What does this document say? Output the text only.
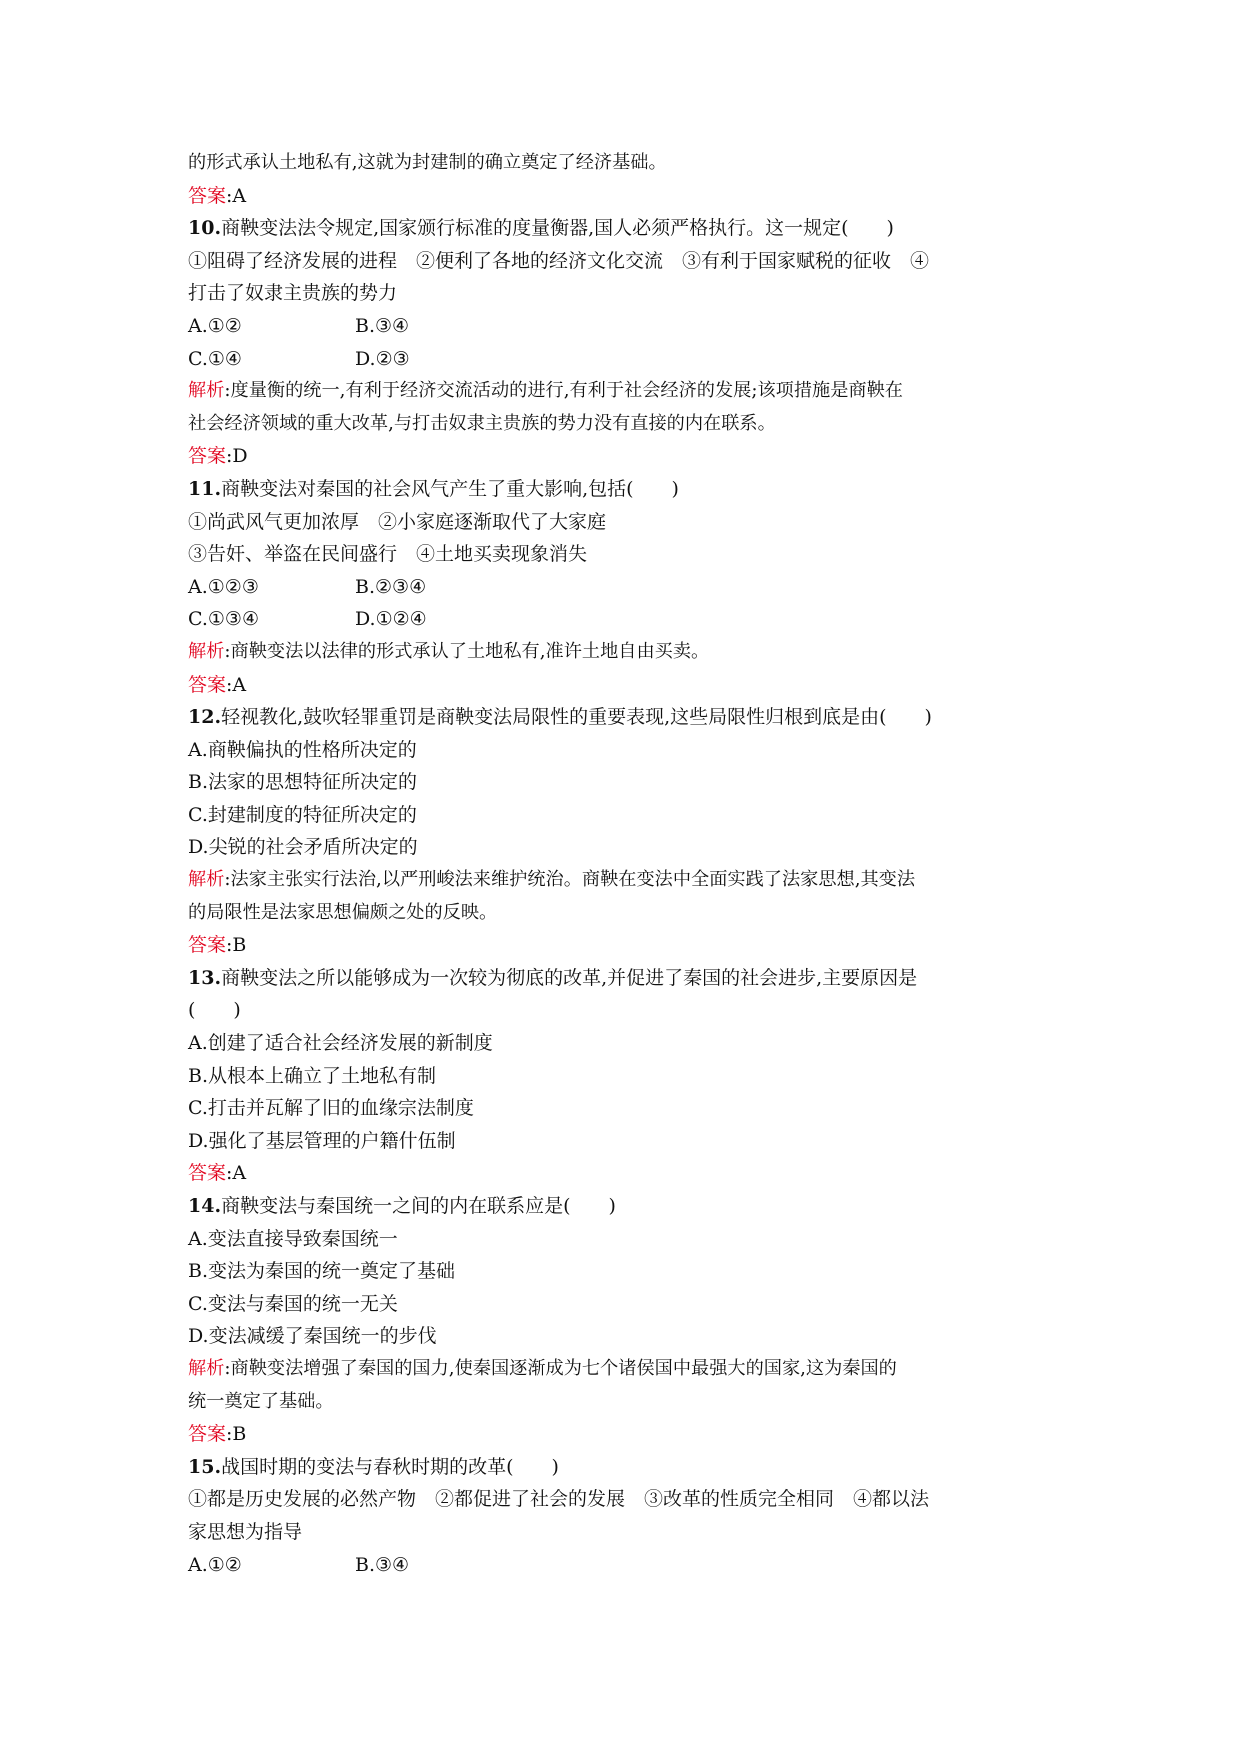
的形式承认土地私有,这就为封建制的确立奠定了经济基础。
答案:A
10.商鞅变法法令规定,国家颁行标准的度量衡器,国人必须严格执行。这一规定(　　)
①阻碍了经济发展的进程　②便利了各地的经济文化交流　③有利于国家赋税的征收　④
打击了奴隶主贵族的势力
A.①②	B.③④
C.①④	D.②③
解析:度量衡的统一,有利于经济交流活动的进行,有利于社会经济的发展;该项措施是商鞅在
社会经济领域的重大改革,与打击奴隶主贵族的势力没有直接的内在联系。
答案:D
11.商鞅变法对秦国的社会风气产生了重大影响,包括(　　)
①尚武风气更加浓厚　②小家庭逐渐取代了大家庭
③告奸、举盗在民间盛行　④土地买卖现象消失
A.①②③	B.②③④
C.①③④	D.①②④
解析:商鞅变法以法律的形式承认了土地私有,准许土地自由买卖。
答案:A
12.轻视教化,鼓吹轻罪重罚是商鞅变法局限性的重要表现,这些局限性归根到底是由(　　)
A.商鞅偏执的性格所决定的
B.法家的思想特征所决定的
C.封建制度的特征所决定的
D.尖锐的社会矛盾所决定的
解析:法家主张实行法治,以严刑峻法来维护统治。商鞅在变法中全面实践了法家思想,其变法
的局限性是法家思想偏颇之处的反映。
答案:B
13.商鞅变法之所以能够成为一次较为彻底的改革,并促进了秦国的社会进步,主要原因是
(　　)
A.创建了适合社会经济发展的新制度
B.从根本上确立了土地私有制
C.打击并瓦解了旧的血缘宗法制度
D.强化了基层管理的户籍什伍制
答案:A
14.商鞅变法与秦国统一之间的内在联系应是(　　)
A.变法直接导致秦国统一
B.变法为秦国的统一奠定了基础
C.变法与秦国的统一无关
D.变法减缓了秦国统一的步伐
解析:商鞅变法增强了秦国的国力,使秦国逐渐成为七个诸侯国中最强大的国家,这为秦国的
统一奠定了基础。
答案:B
15.战国时期的变法与春秋时期的改革(　　)
①都是历史发展的必然产物　②都促进了社会的发展　③改革的性质完全相同　④都以法
家思想为指导
A.①②	B.③④
